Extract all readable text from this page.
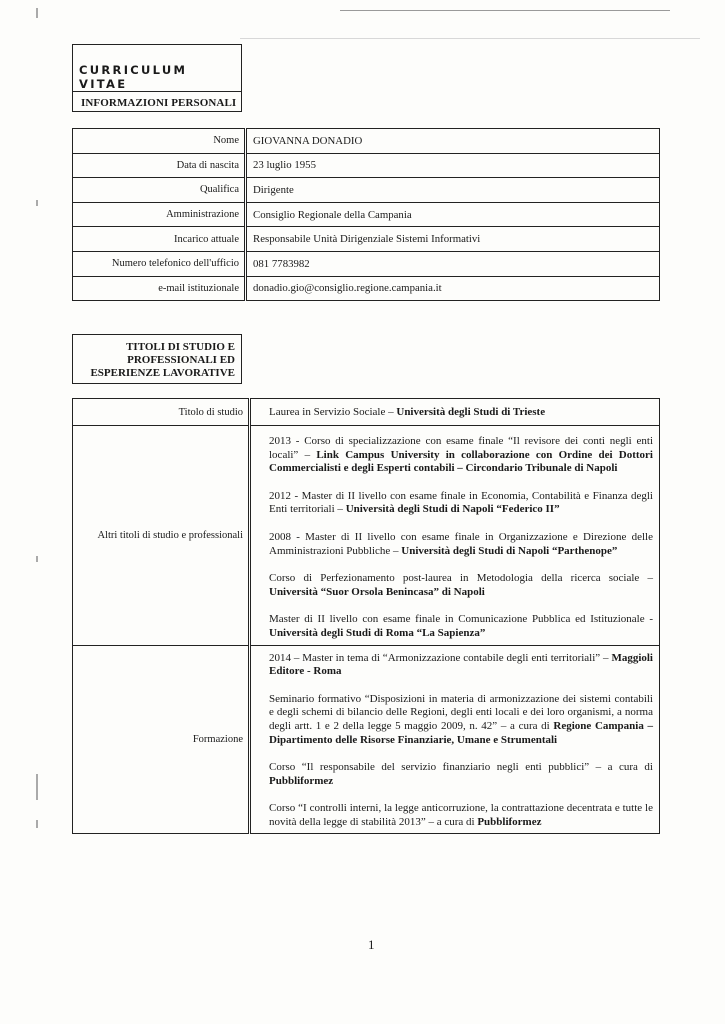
CURRICULUM VITAE
INFORMAZIONI PERSONALI
Nome	GIOVANNA DONADIO
Data di nascita	23 luglio 1955
Qualifica	Dirigente
Amministrazione	Consiglio Regionale della Campania
Incarico attuale	Responsabile Unità Dirigenziale Sistemi Informativi
Numero telefonico dell'ufficio	081 7783982
e-mail istituzionale	donadio.gio@consiglio.regione.campania.it
TITOLI DI STUDIO E
PROFESSIONALI ED
ESPERIENZE LAVORATIVE
Titolo di studio	Laurea in Servizio Sociale – Università degli Studi di Trieste
Altri titoli di studio e professionali	2013 - Corso di specializzazione con esame finale “Il revisore dei conti negli enti locali” – Link Campus University in collaborazione con Ordine dei Dottori Commercialisti e degli Esperti contabili – Circondario Tribunale di Napoli
2012 - Master di II livello con esame finale in Economia, Contabilità e Finanza degli Enti territoriali – Università degli Studi di Napoli “Federico II”
2008 - Master di II livello con esame finale in Organizzazione e Direzione delle Amministrazioni Pubbliche – Università degli Studi di Napoli “Parthenope”
Corso di Perfezionamento post-laurea in Metodologia della ricerca sociale – Università “Suor Orsola Benincasa” di Napoli
Master di II livello con esame finale in Comunicazione Pubblica ed Istituzionale - Università degli Studi di Roma “La Sapienza”

Formazione	2014 – Master in tema di “Armonizzazione contabile degli enti territoriali” – Maggioli Editore - Roma
Seminario formativo “Disposizioni in materia di armonizzazione dei sistemi contabili e degli schemi di bilancio delle Regioni, degli enti locali e dei loro organismi, a norma degli artt. 1 e 2 della legge 5 maggio 2009, n. 42” – a cura di Regione Campania – Dipartimento delle Risorse Finanziarie, Umane e Strumentali
Corso “Il responsabile del servizio finanziario negli enti pubblici” – a cura di Pubbliformez
Corso “I controlli interni, la legge anticorruzione, la contrattazione decentrata e tutte le novità della legge di stabilità 2013” – a cura di Pubbliformez
1
